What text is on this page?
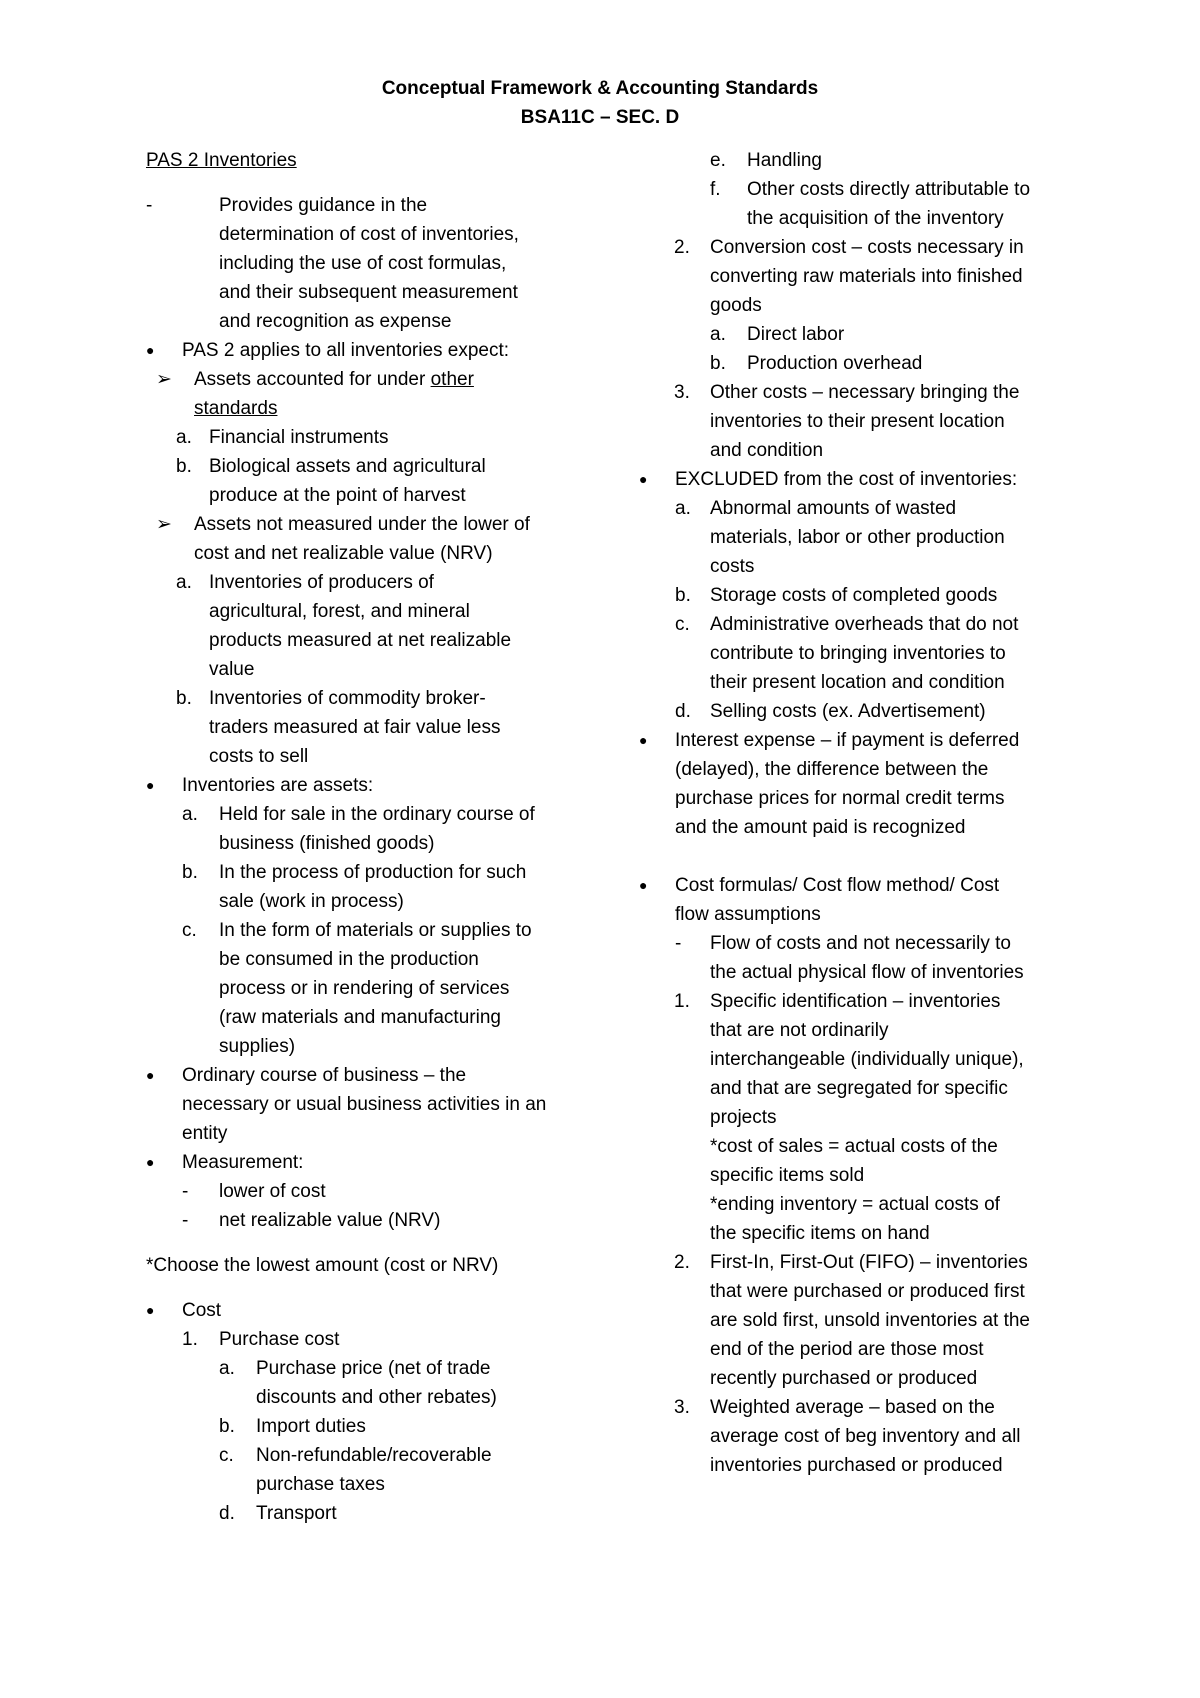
Conceptual Framework & Accounting Standards
BSA11C – SEC. D
PAS 2 Inventories
-	Provides guidance in the
determination of cost of inventories,
including the use of cost formulas,
and their subsequent measurement
and recognition as expense
● PAS 2 applies to all inventories expect:
➢ Assets accounted for under other
standards
a. Financial instruments
b. Biological assets and agricultural
produce at the point of harvest
➢ Assets not measured under the lower of
cost and net realizable value (NRV)
a. Inventories of producers of
agricultural, forest, and mineral
products measured at net realizable
value
b. Inventories of commodity broker-
traders measured at fair value less
costs to sell
● Inventories are assets:
a. Held for sale in the ordinary course of
business (finished goods)
b. In the process of production for such
sale (work in process)
c. In the form of materials or supplies to
be consumed in the production
process or in rendering of services
(raw materials and manufacturing
supplies)
● Ordinary course of business – the
necessary or usual business activities in an
entity
● Measurement:
- lower of cost
- net realizable value (NRV)
*Choose the lowest amount (cost or NRV)
● Cost
1. Purchase cost
a. Purchase price (net of trade
discounts and other rebates)
b. Import duties
c. Non-refundable/recoverable
purchase taxes
d. Transport
e. Handling
f. Other costs directly attributable to
the acquisition of the inventory
2. Conversion cost – costs necessary in
converting raw materials into finished
goods
a. Direct labor
b. Production overhead
3. Other costs – necessary bringing the
inventories to their present location
and condition
● EXCLUDED from the cost of inventories:
a. Abnormal amounts of wasted
materials, labor or other production
costs
b. Storage costs of completed goods
c. Administrative overheads that do not
contribute to bringing inventories to
their present location and condition
d. Selling costs (ex. Advertisement)
● Interest expense – if payment is deferred
(delayed), the difference between the
purchase prices for normal credit terms
and the amount paid is recognized
● Cost formulas/ Cost flow method/ Cost
flow assumptions
- Flow of costs and not necessarily to
the actual physical flow of inventories
1. Specific identification – inventories
that are not ordinarily
interchangeable (individually unique),
and that are segregated for specific
projects
*cost of sales = actual costs of the
specific items sold
*ending inventory = actual costs of
the specific items on hand
2. First-In, First-Out (FIFO) – inventories
that were purchased or produced first
are sold first, unsold inventories at the
end of the period are those most
recently purchased or produced
3. Weighted average – based on the
average cost of beg inventory and all
inventories purchased or produced
